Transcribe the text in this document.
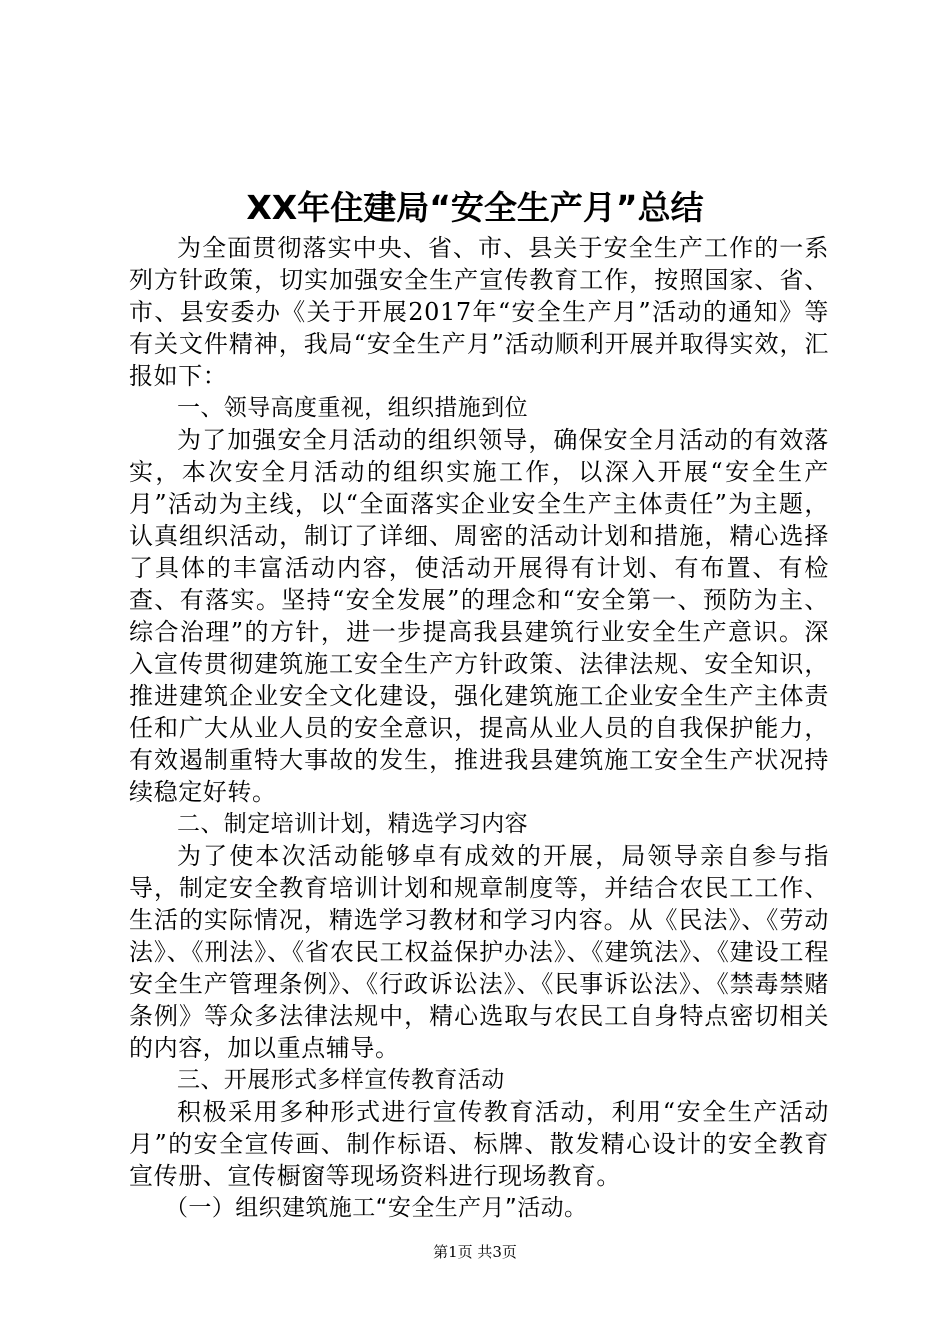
XX年住建局“安全生产月”总结

为全面贯彻落实中央、省、市、县关于安全生产工作的一系列方针政策，切实加强安全生产宣传教育工作，按照国家、省、市、县安委办《关于开展2017年“安全生产月”活动的通知》等有关文件精神，我局“安全生产月”活动顺利开展并取得实效，汇报如下：

一、领导高度重视，组织措施到位

为了加强安全月活动的组织领导，确保安全月活动的有效落实，本次安全月活动的组织实施工作，以深入开展“安全生产月”活动为主线，以“全面落实企业安全生产主体责任”为主题，认真组织活动，制订了详细、周密的活动计划和措施，精心选择了具体的丰富活动内容，使活动开展得有计划、有布置、有检查、有落实。坚持“安全发展”的理念和“安全第一、预防为主、综合治理”的方针，进一步提高我县建筑行业安全生产意识。深入宣传贯彻建筑施工安全生产方针政策、法律法规、安全知识，推进建筑企业安全文化建设，强化建筑施工企业安全生产主体责任和广大从业人员的安全意识，提高从业人员的自我保护能力，有效遏制重特大事故的发生，推进我县建筑施工安全生产状况持续稳定好转。

二、制定培训计划，精选学习内容

为了使本次活动能够卓有成效的开展，局领导亲自参与指导，制定安全教育培训计划和规章制度等，并结合农民工工作、生活的实际情况，精选学习教材和学习内容。从《民法》、《劳动法》、《刑法》、《省农民工权益保护办法》、《建筑法》、《建设工程安全生产管理条例》、《行政诉讼法》、《民事诉讼法》、《禁毒禁赌条例》等众多法律法规中，精心选取与农民工自身特点密切相关的内容，加以重点辅导。

三、开展形式多样宣传教育活动

积极采用多种形式进行宣传教育活动，利用“安全生产活动月”的安全宣传画、制作标语、标牌、散发精心设计的安全教育宣传册、宣传橱窗等现场资料进行现场教育。

（一）组织建筑施工“安全生产月”活动。

第1页 共3页
